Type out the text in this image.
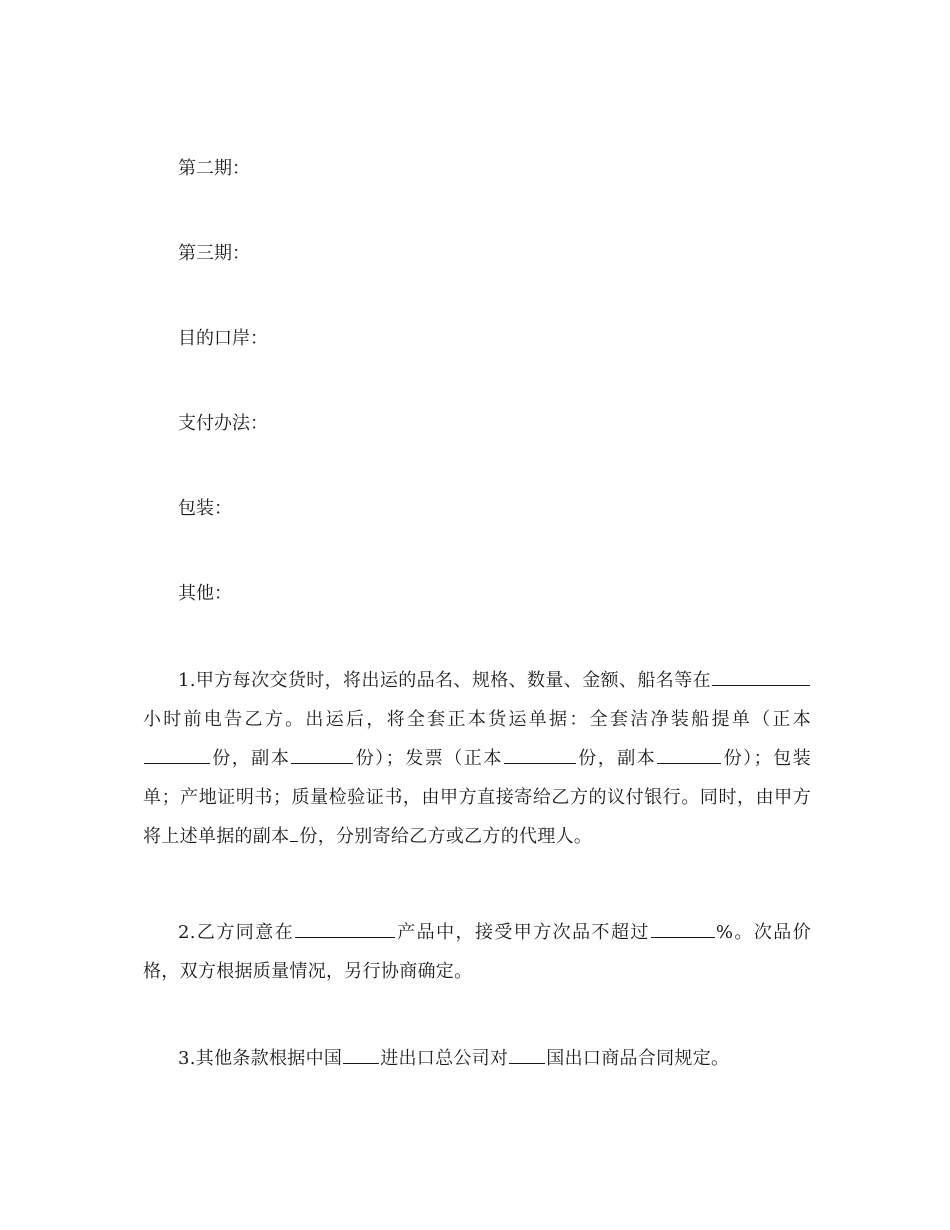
第二期：
第三期：
目的口岸：
支付办法：
包装：
其他：
1.甲方每次交货时，将出运的品名、规格、数量、金额、船名等在小时前电告乙方。出运后，将全套正本货运单据：全套洁净装船提单（正本份，副本	份）；发票（正本	份，副本	份）；包装单；产地证明书；质量检验证书，由甲方直接寄给乙方的议付银行。同时，由甲方将上述单据的副本 份，分别寄给乙方或乙方的代理人。
2.乙方同意在	产品中，接受甲方次品不超过	%。次品价格，双方根据质量情况，另行协商确定。
3.其他条款根据中国 进出口总公司对 国出口商品合同规定。
